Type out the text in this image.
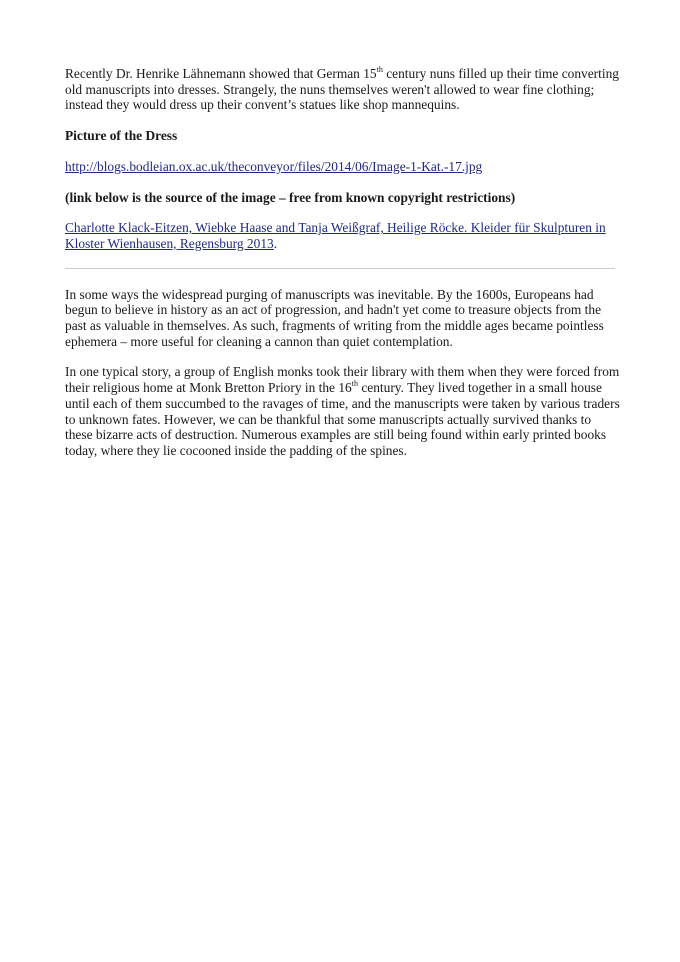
Recently Dr. Henrike Lähnemann showed that German 15th century nuns filled up their time converting old manuscripts into dresses. Strangely, the nuns themselves weren't allowed to wear fine clothing; instead they would dress up their convent’s statues like shop mannequins.

Picture of the Dress

http://blogs.bodleian.ox.ac.uk/theconveyor/files/2014/06/Image-1-Kat.-17.jpg

(link below is the source of the image – free from known copyright restrictions)

Charlotte Klack-Eitzen, Wiebke Haase and Tanja Weißgraf, Heilige Röcke. Kleider für Skulpturen in Kloster Wienhausen, Regensburg 2013.

In some ways the widespread purging of manuscripts was inevitable. By the 1600s, Europeans had begun to believe in history as an act of progression, and hadn't yet come to treasure objects from the past as valuable in themselves. As such, fragments of writing from the middle ages became pointless ephemera – more useful for cleaning a cannon than quiet contemplation.

In one typical story, a group of English monks took their library with them when they were forced from their religious home at Monk Bretton Priory in the 16th century. They lived together in a small house until each of them succumbed to the ravages of time, and the manuscripts were taken by various traders to unknown fates. However, we can be thankful that some manuscripts actually survived thanks to these bizarre acts of destruction. Numerous examples are still being found within early printed books today, where they lie cocooned inside the padding of the spines.
